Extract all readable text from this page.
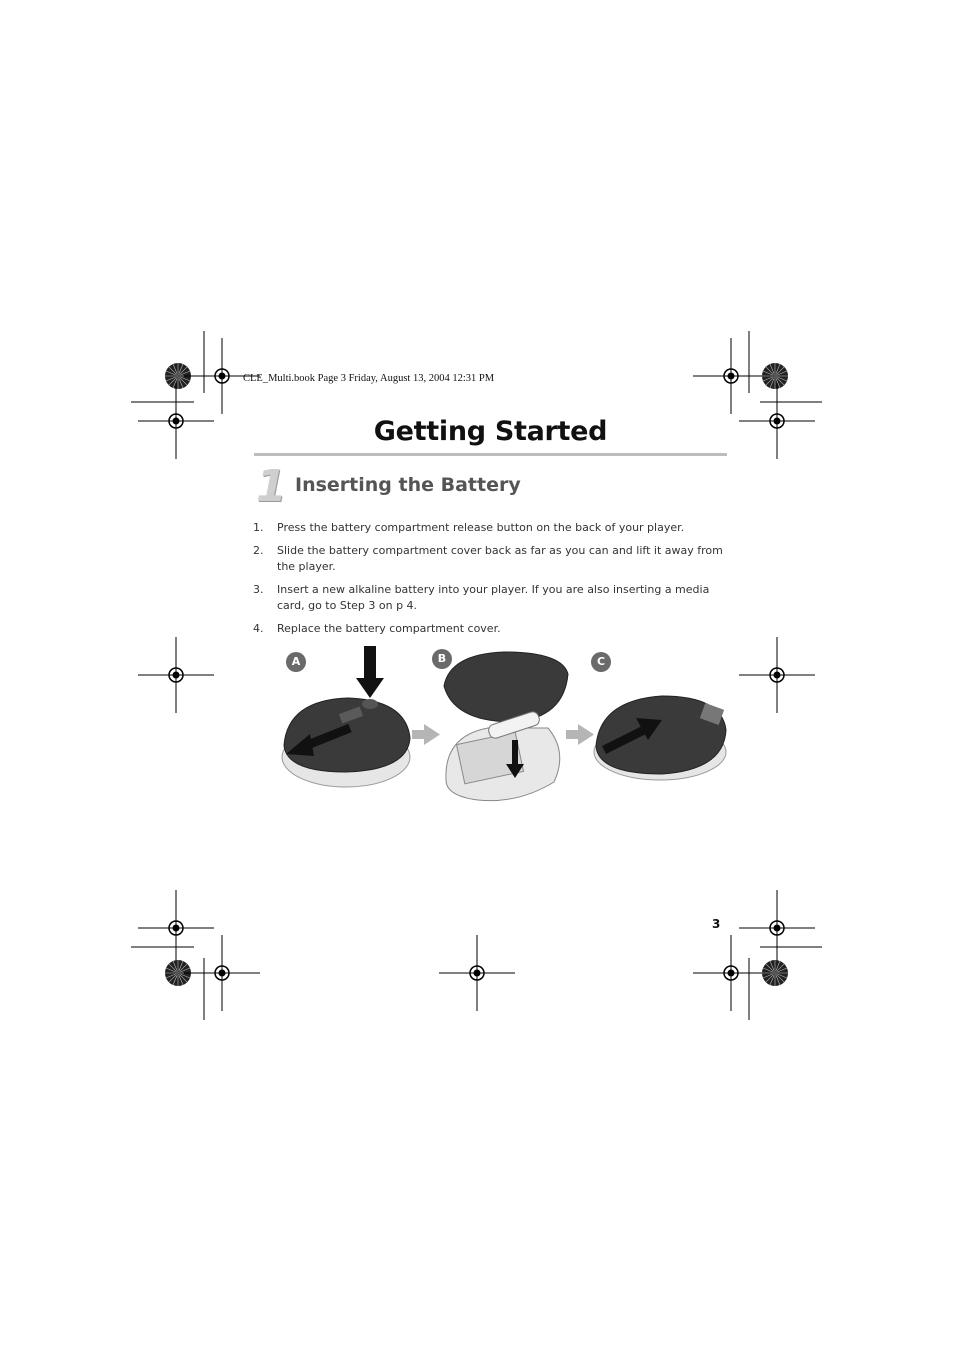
CLE_Multi.book Page 3 Friday, August 13, 2004 12:31 PM
Getting Started
1 Inserting the Battery
1. Press the battery compartment release button on the back of your player.
2. Slide the battery compartment cover back as far as you can and lift it away from the player.
3. Insert a new alkaline battery into your player. If you are also inserting a media card, go to Step 3 on p 4.
4. Replace the battery compartment cover.
A	B	C
3
